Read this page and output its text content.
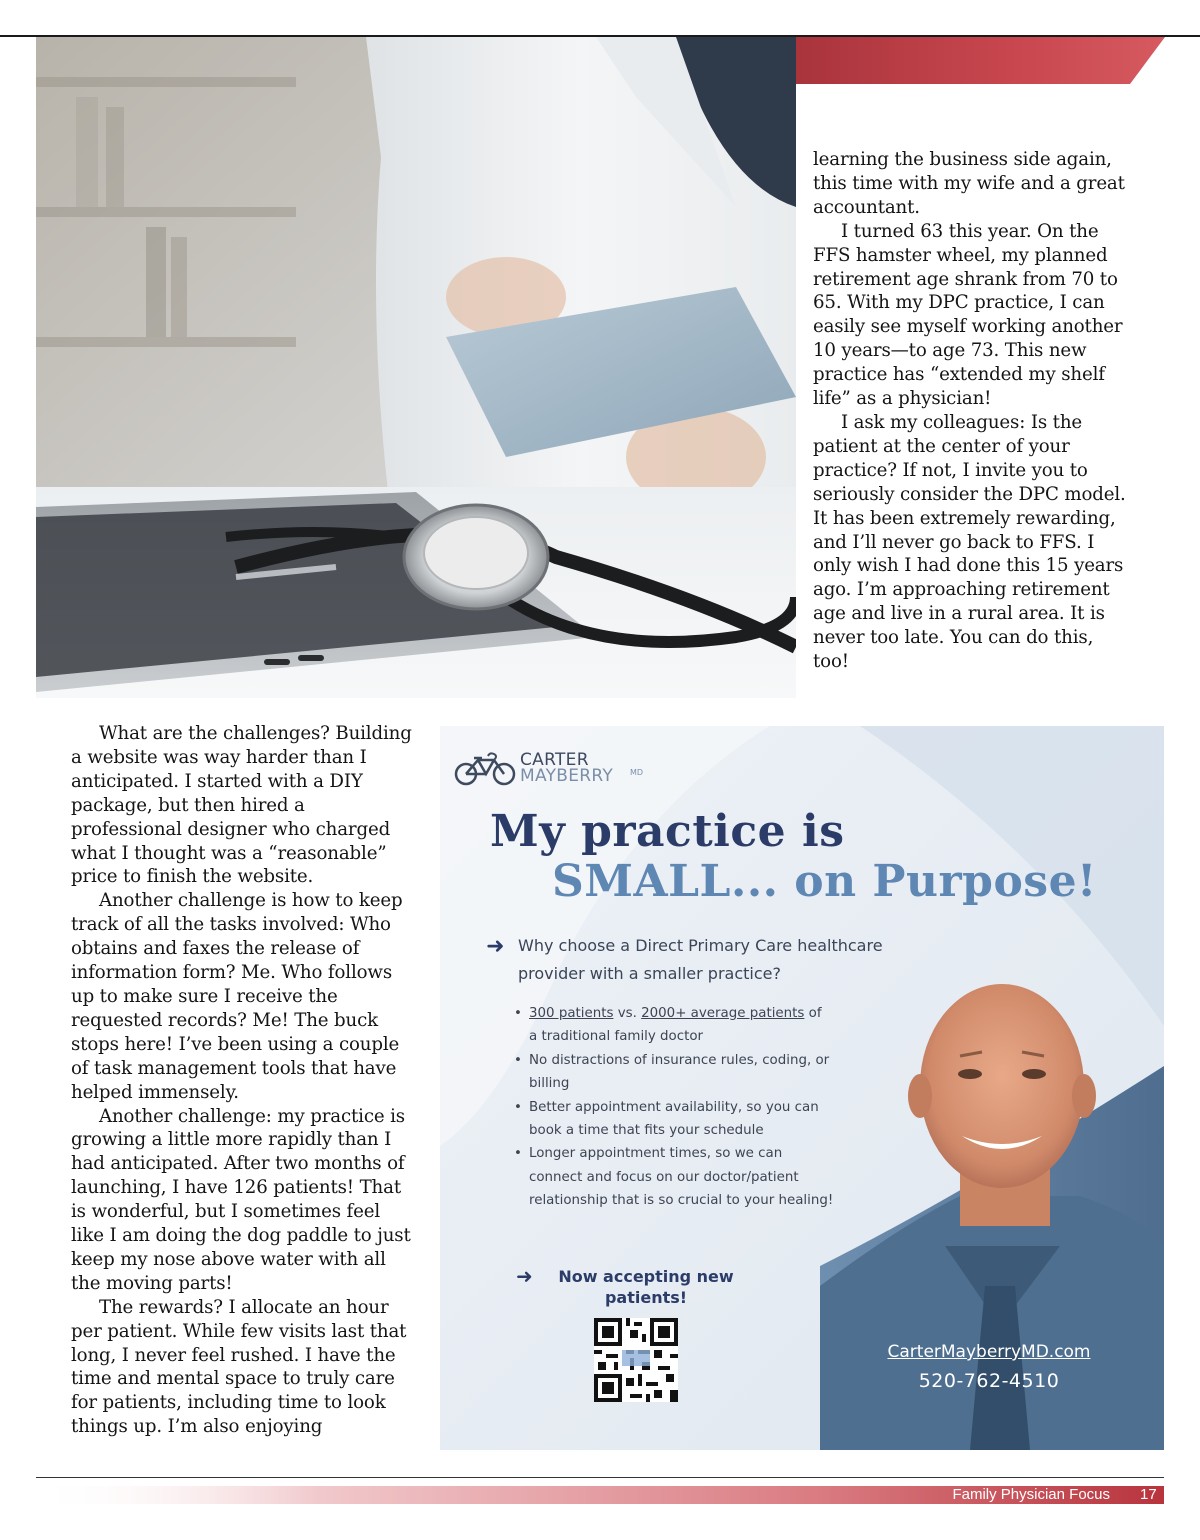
learning the business side again, this time with my wife and a great accountant.

I turned 63 this year. On the FFS hamster wheel, my planned retirement age shrank from 70 to 65. With my DPC practice, I can easily see myself working another 10 years—to age 73. This new practice has “extended my shelf life” as a physician!

I ask my colleagues: Is the patient at the center of your practice? If not, I invite you to seriously consider the DPC model. It has been extremely rewarding, and I’ll never go back to FFS. I only wish I had done this 15 years ago. I’m approaching retirement age and live in a rural area. It is never too late. You can do this, too!

What are the challenges? Building a website was way harder than I anticipated. I started with a DIY package, but then hired a professional designer who charged what I thought was a “reasonable” price to finish the website.

Another challenge is how to keep track of all the tasks involved: Who obtains and faxes the release of information form? Me. Who follows up to make sure I receive the requested records? Me! The buck stops here! I’ve been using a couple of task management tools that have helped immensely.

Another challenge: my practice is growing a little more rapidly than I had anticipated. After two months of launching, I have 126 patients! That is wonderful, but I sometimes feel like I am doing the dog paddle to just keep my nose above water with all the moving parts!

The rewards? I allocate an hour per patient. While few visits last that long, I never feel rushed. I have the time and mental space to truly care for patients, including time to look things up. I’m also enjoying

CARTER
MAYBERRY MD
My practice is
SMALL... on Purpose!
➜ Why choose a Direct Primary Care healthcare provider with a smaller practice?
• 300 patients vs. 2000+ average patients of a traditional family doctor
• No distractions of insurance rules, coding, or billing
• Better appointment availability, so you can book a time that fits your schedule
• Longer appointment times, so we can connect and focus on our doctor/patient relationship that is so crucial to your healing!
➜	Now accepting new patients!
CarterMayberryMD.com
520-762-4510
Family Physician Focus 17
